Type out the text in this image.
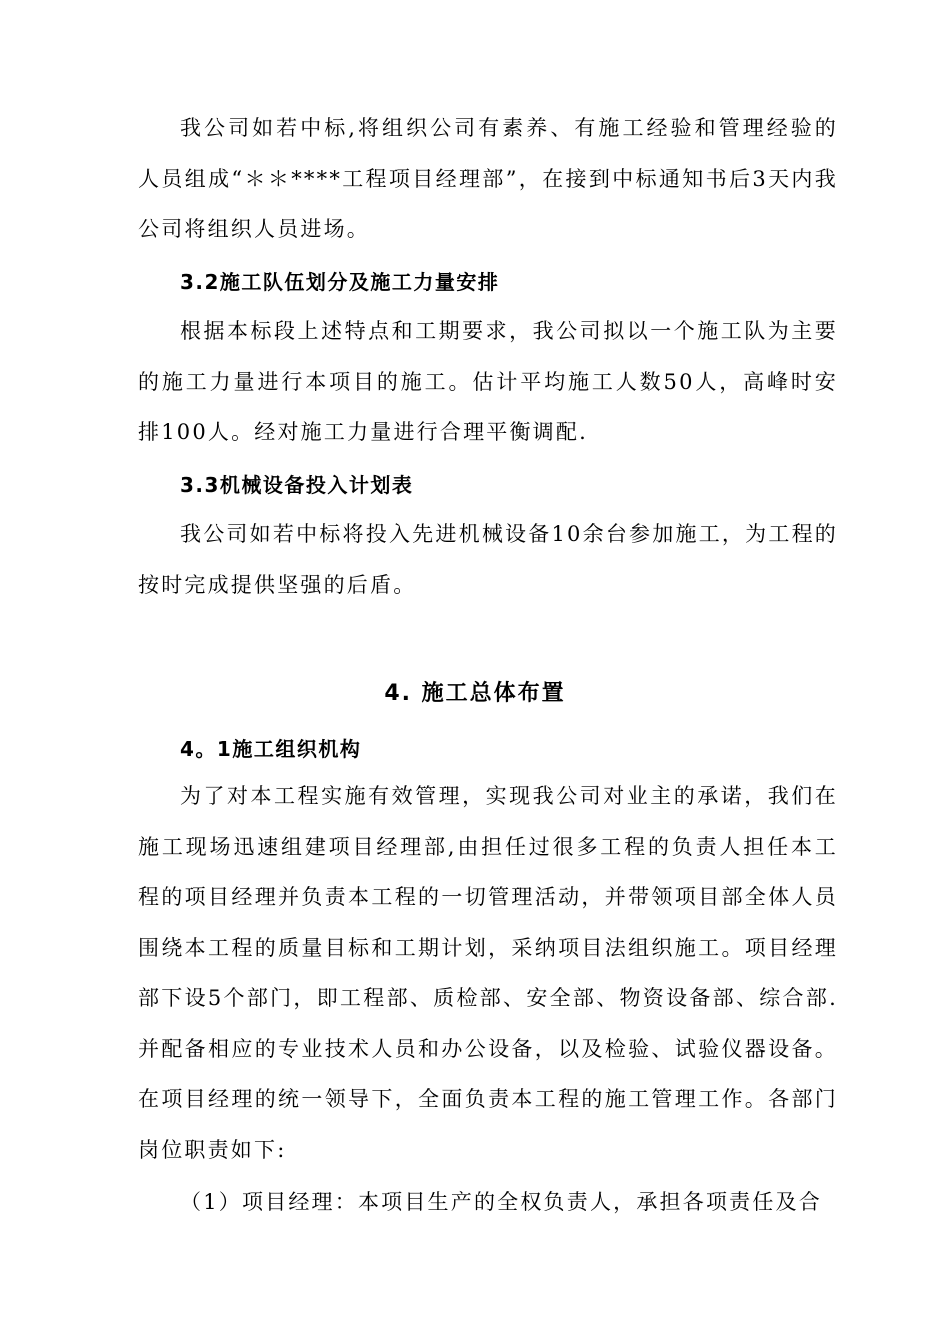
我公司如若中标,将组织公司有素养、有施工经验和管理经验的人员组成“＊＊****工程项目经理部”，在接到中标通知书后3天内我公司将组织人员进场。

3.2施工队伍划分及施工力量安排

根据本标段上述特点和工期要求，我公司拟以一个施工队为主要的施工力量进行本项目的施工。估计平均施工人数50人，高峰时安排100人。经对施工力量进行合理平衡调配.

3.3机械设备投入计划表

我公司如若中标将投入先进机械设备10余台参加施工，为工程的按时完成提供坚强的后盾。

4. 施工总体布置
4。1施工组织机构

为了对本工程实施有效管理，实现我公司对业主的承诺，我们在施工现场迅速组建项目经理部,由担任过很多工程的负责人担任本工程的项目经理并负责本工程的一切管理活动，并带领项目部全体人员围绕本工程的质量目标和工期计划，采纳项目法组织施工。项目经理部下设5个部门，即工程部、质检部、安全部、物资设备部、综合部.并配备相应的专业技术人员和办公设备，以及检验、试验仪器设备。在项目经理的统一领导下，全面负责本工程的施工管理工作。各部门岗位职责如下:

（1）项目经理：本项目生产的全权负责人，承担各项责任及合
